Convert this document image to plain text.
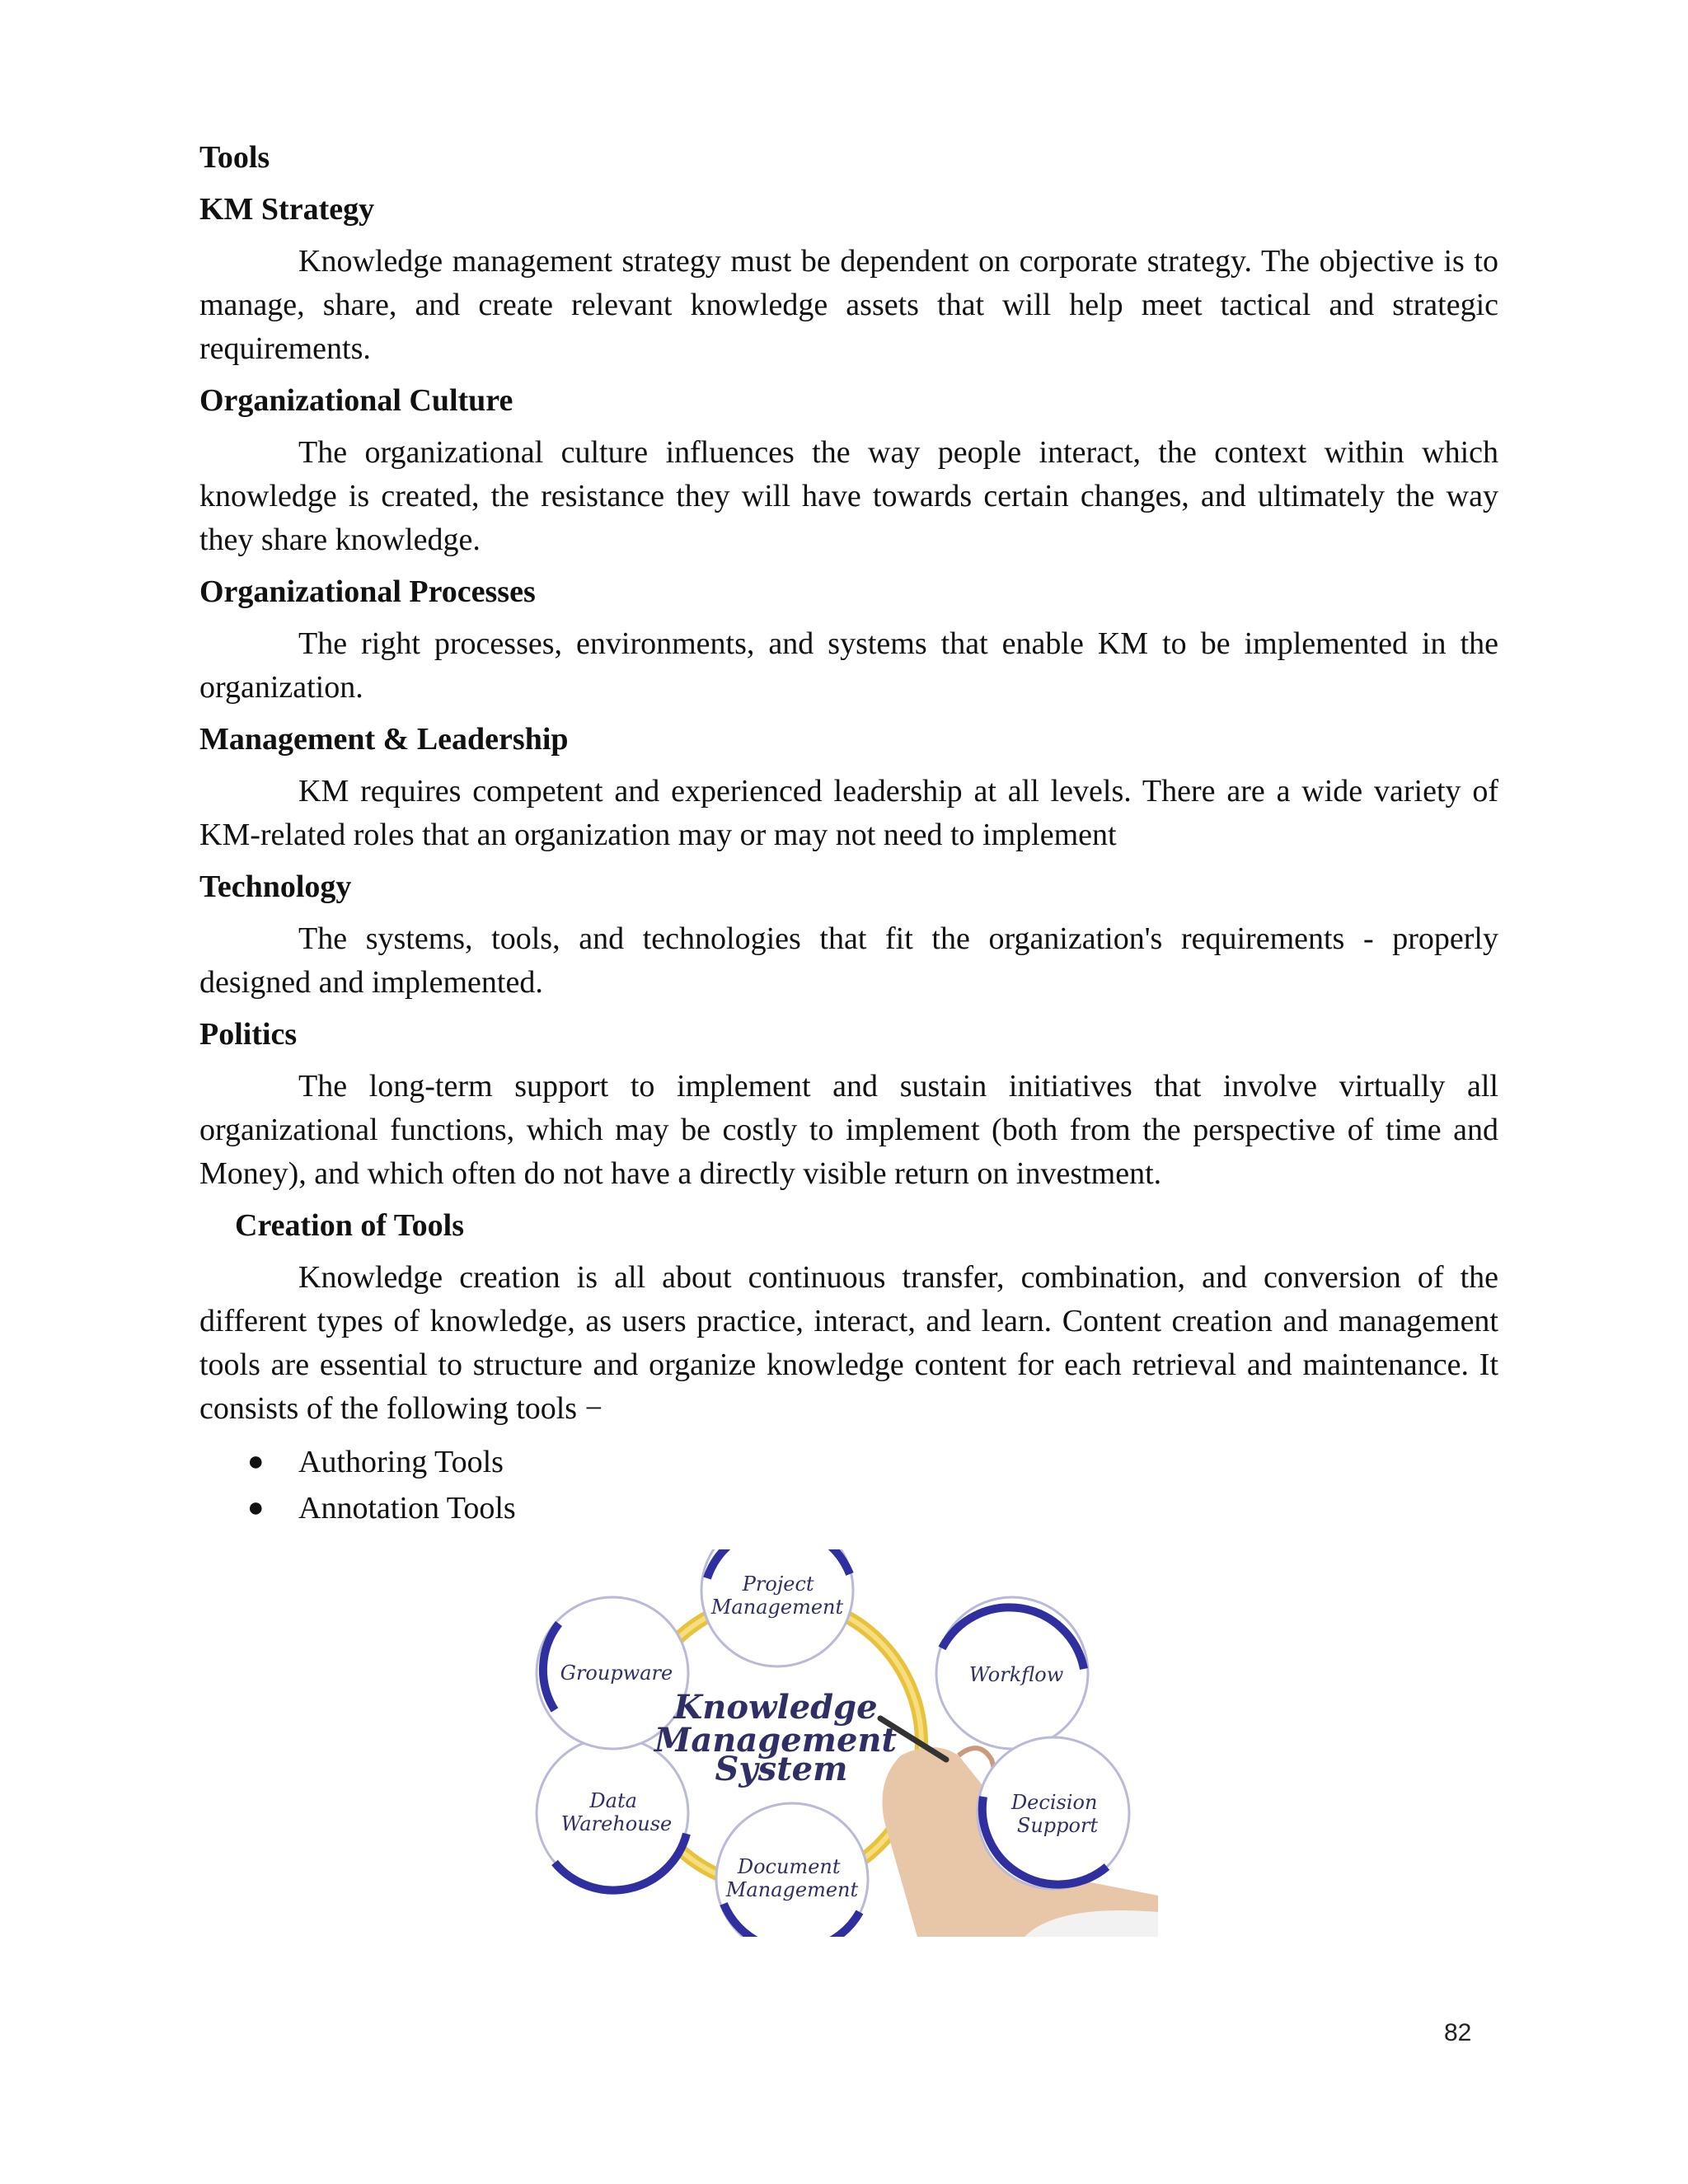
Tools
KM Strategy

Knowledge management strategy must be dependent on corporate strategy. The objective is to manage, share, and create relevant knowledge assets that will help meet tactical and strategic requirements.

Organizational Culture

The organizational culture influences the way people interact, the context within which knowledge is created, the resistance they will have towards certain changes, and ultimately the way they share knowledge.

Organizational Processes

The right processes, environments, and systems that enable KM to be implemented in the organization.

Management & Leadership

KM requires competent and experienced leadership at all levels. There are a wide variety of KM-related roles that an organization may or may not need to implement

Technology

The systems, tools, and technologies that fit the organization's requirements - properly designed and implemented.

Politics

The long-term support to implement and sustain initiatives that involve virtually all organizational functions, which may be costly to implement (both from the perspective of time and Money), and which often do not have a directly visible return on investment.

Creation of Tools

Knowledge creation is all about continuous transfer, combination, and conversion of the different types of knowledge, as users practice, interact, and learn. Content creation and management tools are essential to structure and organize knowledge content for each retrieval and maintenance. It consists of the following tools −

● Authoring Tools
● Annotation Tools
Project Management
Workflow
Decision Support
Document Management
Data Warehouse
Groupware
Knowledge Management System
82
